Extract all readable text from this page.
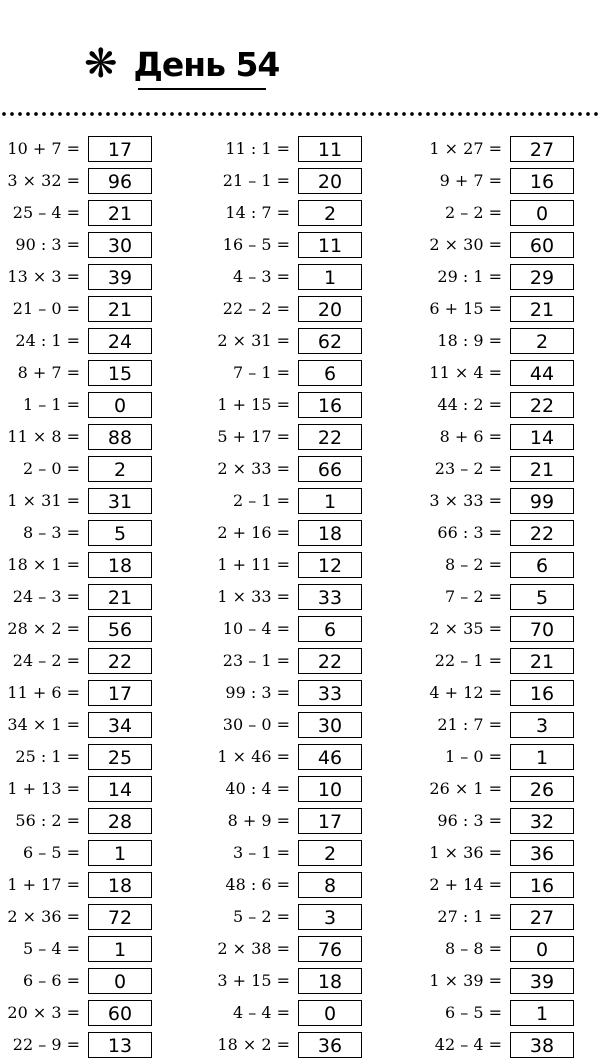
❋ День 54
10 + 7 =	17
3 × 32 =	96
25 – 4 =	21
90 : 3 =	30
13 × 3 =	39
21 – 0 =	21
24 : 1 =	24
8 + 7 =	15
1 – 1 =	0
11 × 8 =	88
2 – 0 =	2
1 × 31 =	31
8 – 3 =	5
18 × 1 =	18
24 – 3 =	21
28 × 2 =	56
24 – 2 =	22
11 + 6 =	17
34 × 1 =	34
25 : 1 =	25
1 + 13 =	14
56 : 2 =	28
6 – 5 =	1
1 + 17 =	18
2 × 36 =	72
5 – 4 =	1
6 – 6 =	0
20 × 3 =	60
22 – 9 =	13
11 : 1 =	11
21 – 1 =	20
14 : 7 =	2
16 – 5 =	11
4 – 3 =	1
22 – 2 =	20
2 × 31 =	62
7 – 1 =	6
1 + 15 =	16
5 + 17 =	22
2 × 33 =	66
2 – 1 =	1
2 + 16 =	18
1 + 11 =	12
1 × 33 =	33
10 – 4 =	6
23 – 1 =	22
99 : 3 =	33
30 – 0 =	30
1 × 46 =	46
40 : 4 =	10
8 + 9 =	17
3 – 1 =	2
48 : 6 =	8
5 – 2 =	3
2 × 38 =	76
3 + 15 =	18
4 – 4 =	0
18 × 2 =	36
1 × 27 =	27
9 + 7 =	16
2 – 2 =	0
2 × 30 =	60
29 : 1 =	29
6 + 15 =	21
18 : 9 =	2
11 × 4 =	44
44 : 2 =	22
8 + 6 =	14
23 – 2 =	21
3 × 33 =	99
66 : 3 =	22
8 – 2 =	6
7 – 2 =	5
2 × 35 =	70
22 – 1 =	21
4 + 12 =	16
21 : 7 =	3
1 – 0 =	1
26 × 1 =	26
96 : 3 =	32
1 × 36 =	36
2 + 14 =	16
27 : 1 =	27
8 – 8 =	0
1 × 39 =	39
6 – 5 =	1
42 – 4 =	38
